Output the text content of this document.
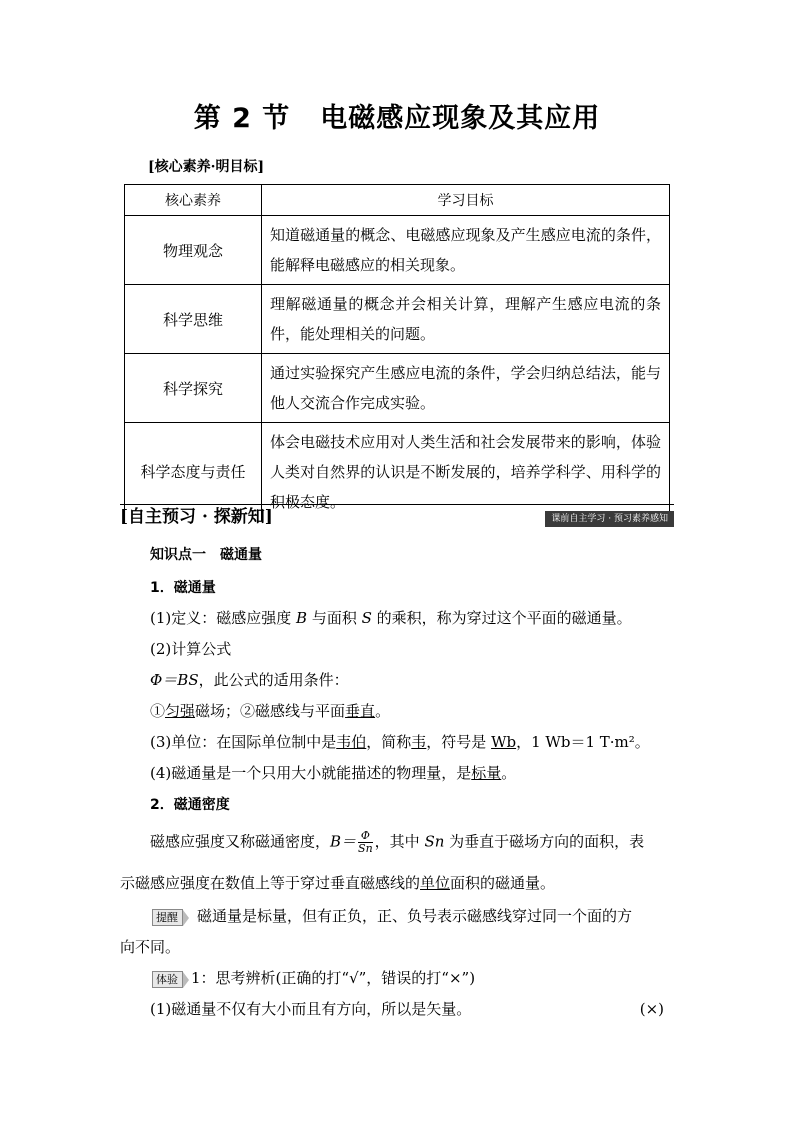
第 2 节 电磁感应现象及其应用
[核心素养·明目标]
核心素养	学习目标
物理观念	知道磁通量的概念、电磁感应现象及产生感应电流的条件，能解释电磁感应的相关现象。
科学思维	理解磁通量的概念并会相关计算，理解产生感应电流的条件，能处理相关的问题。
科学探究	通过实验探究产生感应电流的条件，学会归纳总结法，能与他人交流合作完成实验。
科学态度与责任	体会电磁技术应用对人类生活和社会发展带来的影响，体验人类对自然界的认识是不断发展的，培养学科学、用科学的积极态度。
[自主预习 · 探新知]	课前自主学习 · 预习素养感知
知识点一　磁通量
1．磁通量
(1)定义：磁感应强度 B 与面积 S 的乘积，称为穿过这个平面的磁通量。
(2)计算公式
Φ＝BS，此公式的适用条件：
①匀强磁场；②磁感线与平面垂直。
(3)单位：在国际单位制中是韦伯，简称韦，符号是 Wb，1 Wb＝1 T·m²。
(4)磁通量是一个只用大小就能描述的物理量，是标量。
2．磁通密度
磁感应强度又称磁通密度，$B= \frac{\Phi}{Sn}$ ，其中 Sn 为垂直于磁场方向的面积，表
示磁感应强度在数值上等于穿过垂直磁感线的单位面积的磁通量。
提醒 磁通量是标量，但有正负，正、负号表示磁感线穿过同一个面的方
向不同。
体验 1：思考辨析(正确的打“√”，错误的打“×”)
(1)磁通量不仅有大小而且有方向，所以是矢量。	(×)
